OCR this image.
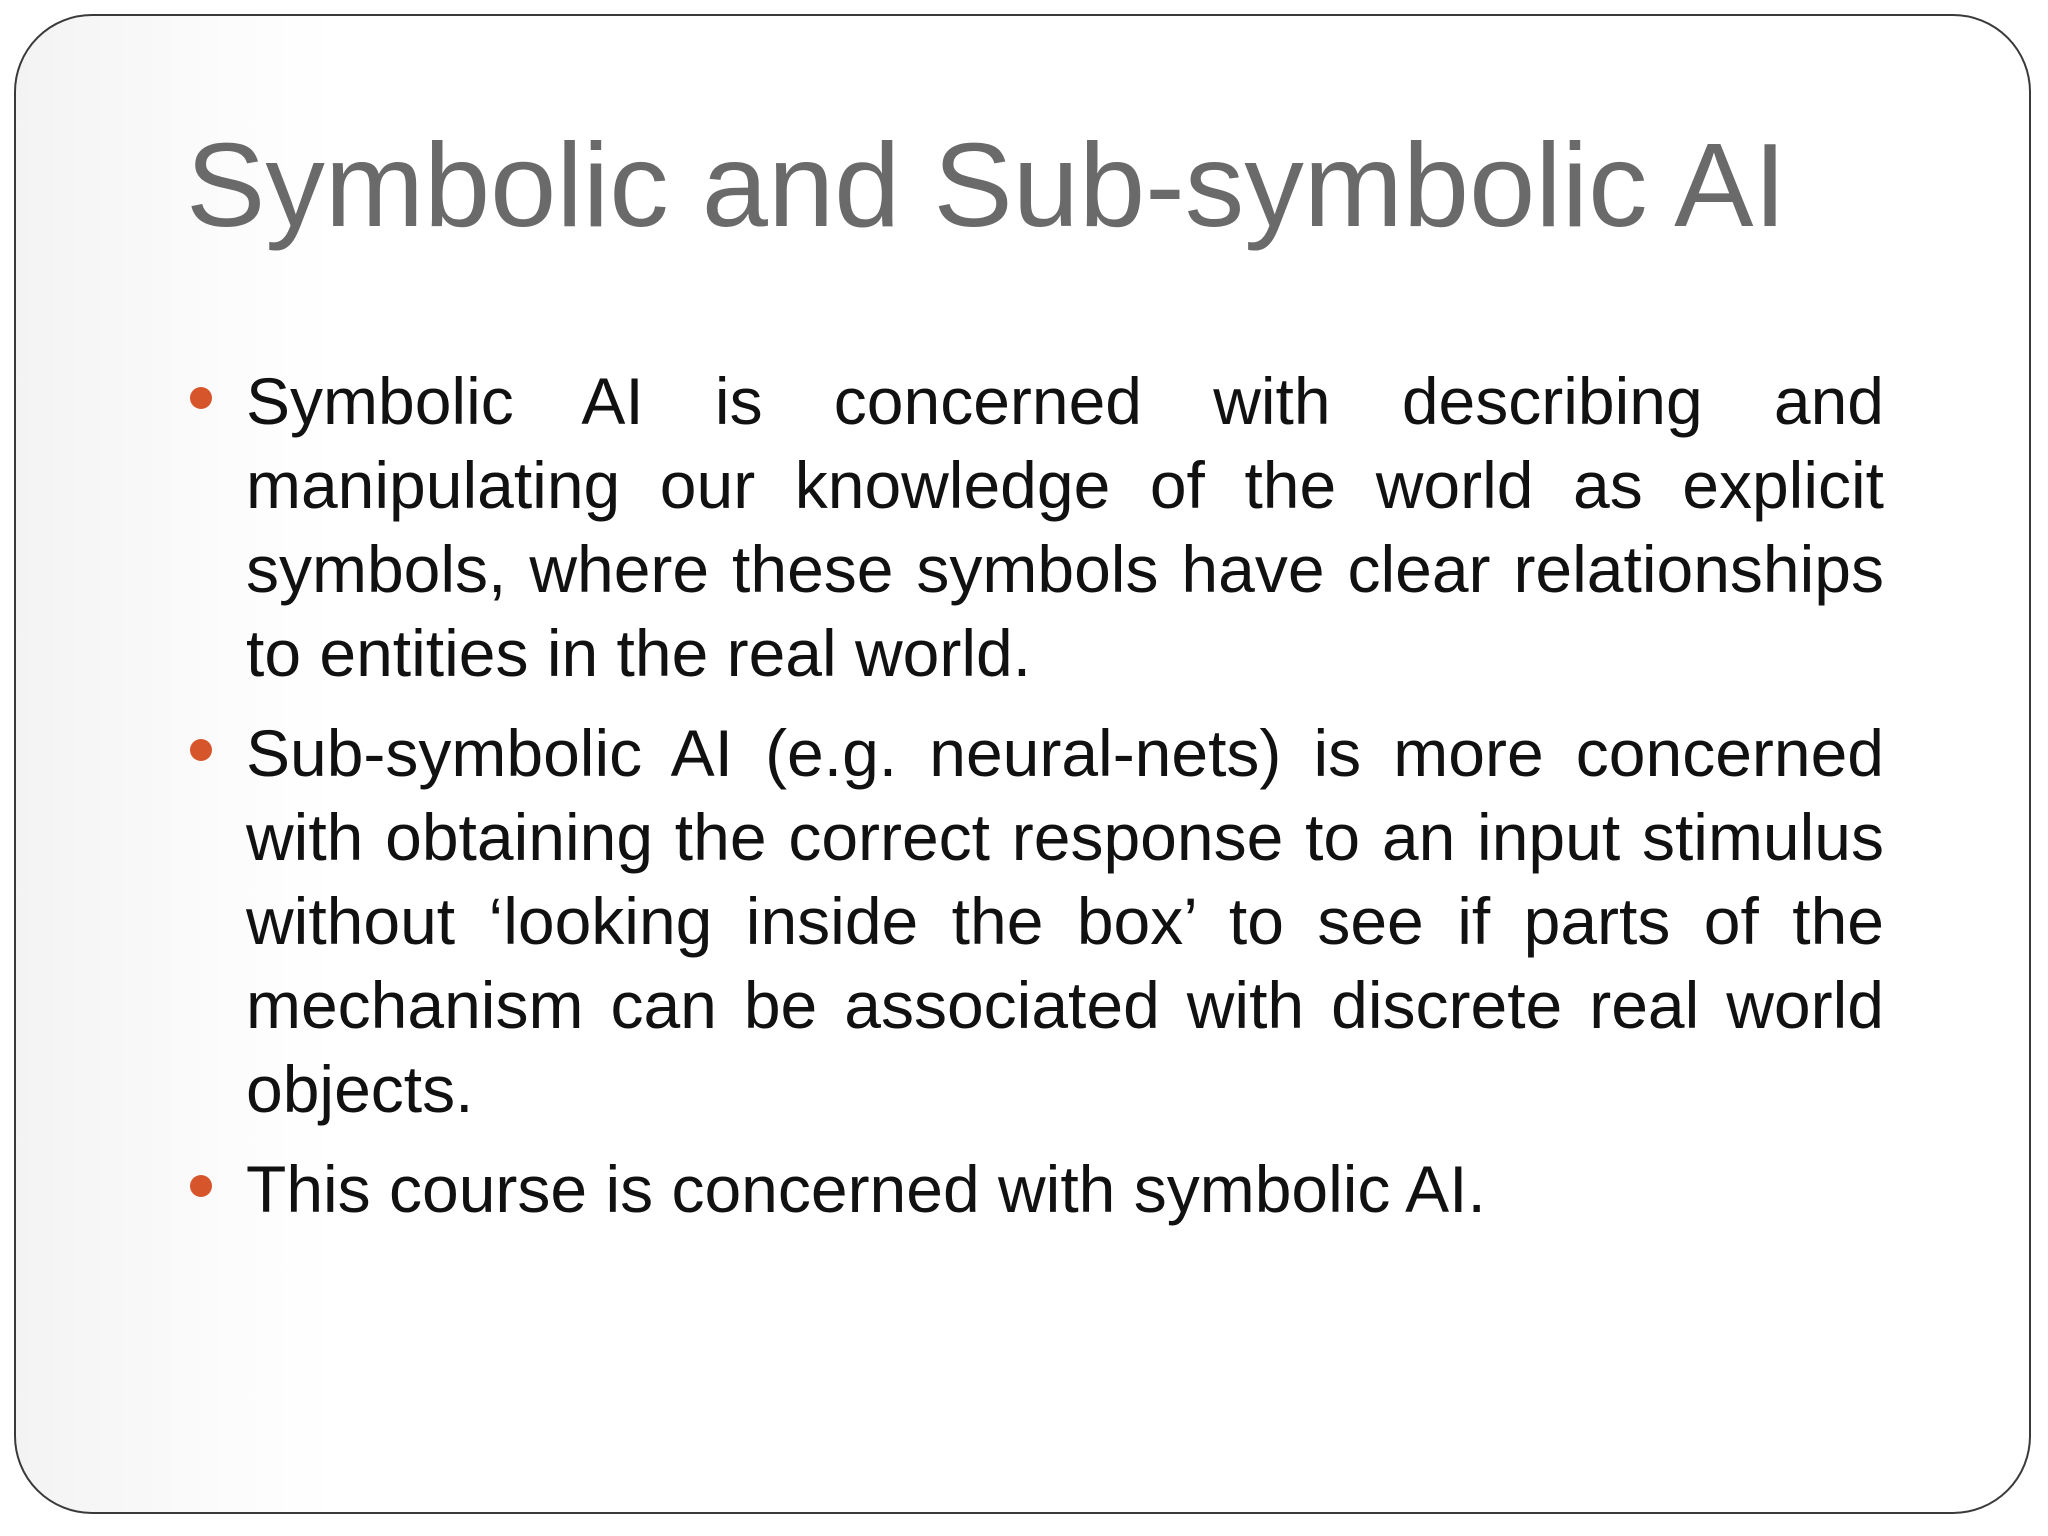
Symbolic and Sub-symbolic AI
Symbolic AI is concerned with describing and manipulating our knowledge of the world as explicit symbols, where these symbols have clear relationships to entities in the real world.
Sub-symbolic AI (e.g. neural-nets) is more concerned with obtaining the correct response to an input stimulus without ‘looking inside the box’ to see if parts of the mechanism can be associated with discrete real world objects.
This course is concerned with symbolic AI.
